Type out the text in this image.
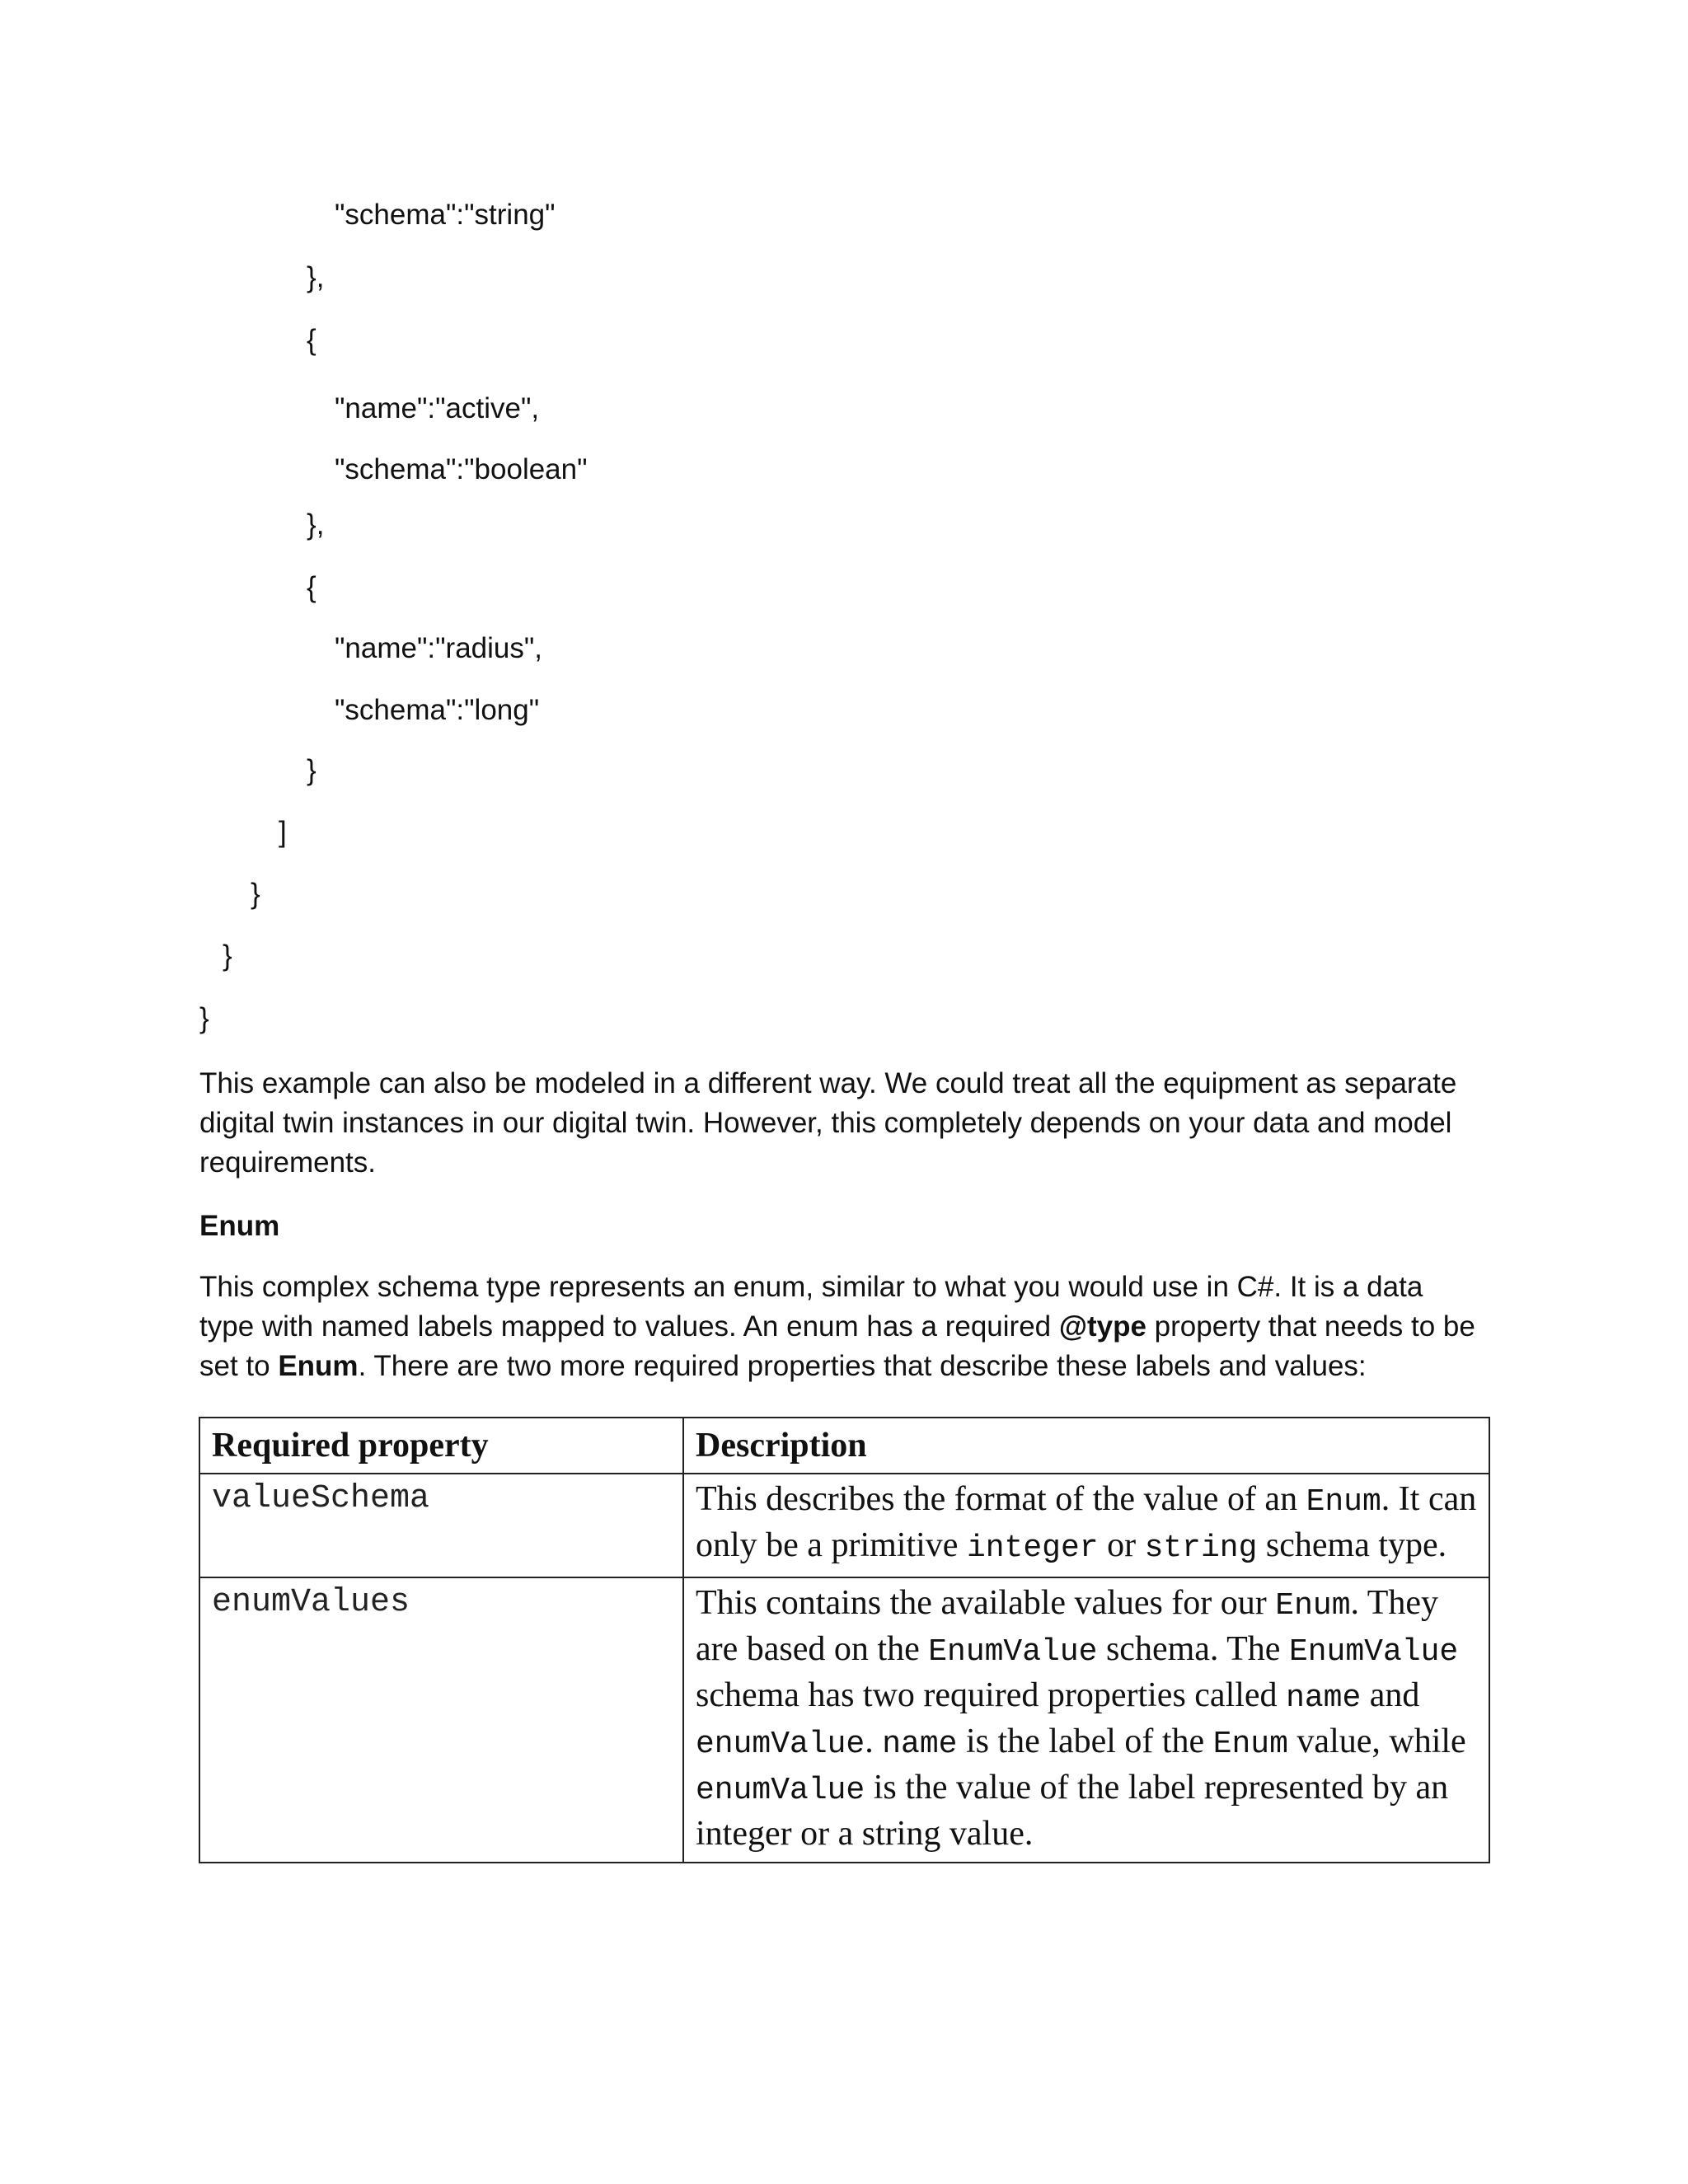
"schema":"string"
},
{
"name":"active",
"schema":"boolean"
},
{
"name":"radius",
"schema":"long"
}
]
}
}
}

This example can also be modeled in a different way. We could treat all the equipment as separate digital twin instances in our digital twin. However, this completely depends on your data and model requirements.

Enum

This complex schema type represents an enum, similar to what you would use in C#. It is a data type with named labels mapped to values. An enum has a required @type property that needs to be set to Enum. There are two more required properties that describe these labels and values:

Required property	Description
valueSchema	This describes the format of the value of an Enum. It can only be a primitive integer or string schema type.

enumValues	This contains the available values for our Enum. They are based on the EnumValue schema. The EnumValue schema has two required properties called name and enumValue. name is the label of the Enum value, while enumValue is the value of the label represented by an integer or a string value.
